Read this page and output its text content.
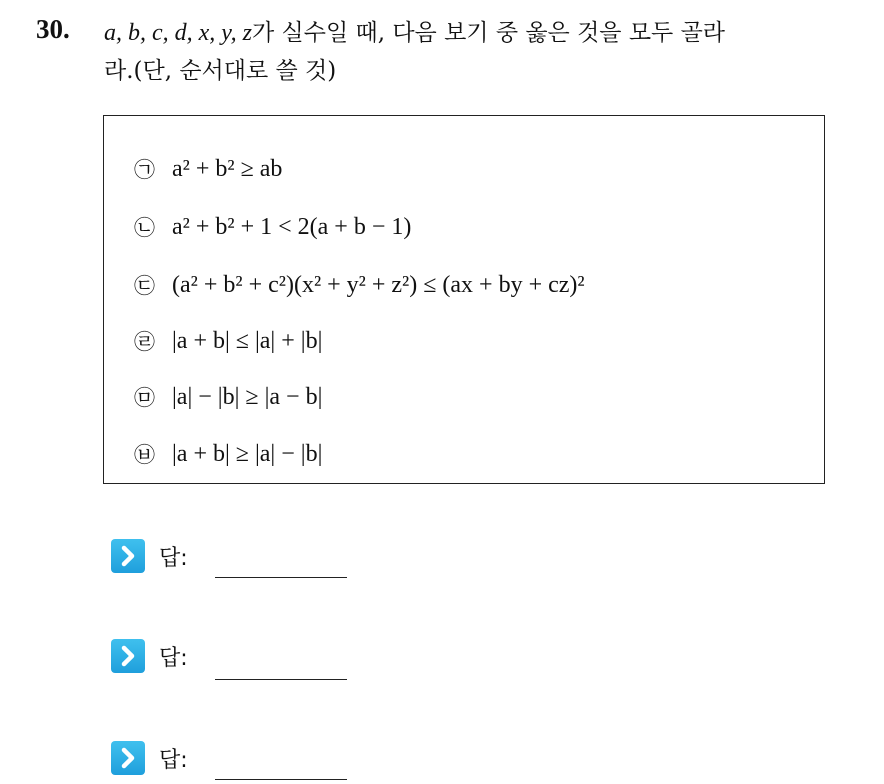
30. a, b, c, d, x, y, z가 실수일 때, 다음 보기 중 옳은 것을 모두 골라
라.(단, 순서대로 쓸 것)
㉠ a² + b² ≥ ab
㉡ a² + b² + 1 < 2(a + b − 1)
㉢ (a² + b² + c²)(x² + y² + z²) ≤ (ax + by + cz)²
㉣ |a + b| ≤ |a| + |b|
㉤ |a| − |b| ≥ |a − b|
㉥ |a + b| ≥ |a| − |b|
답:
답:
답:
